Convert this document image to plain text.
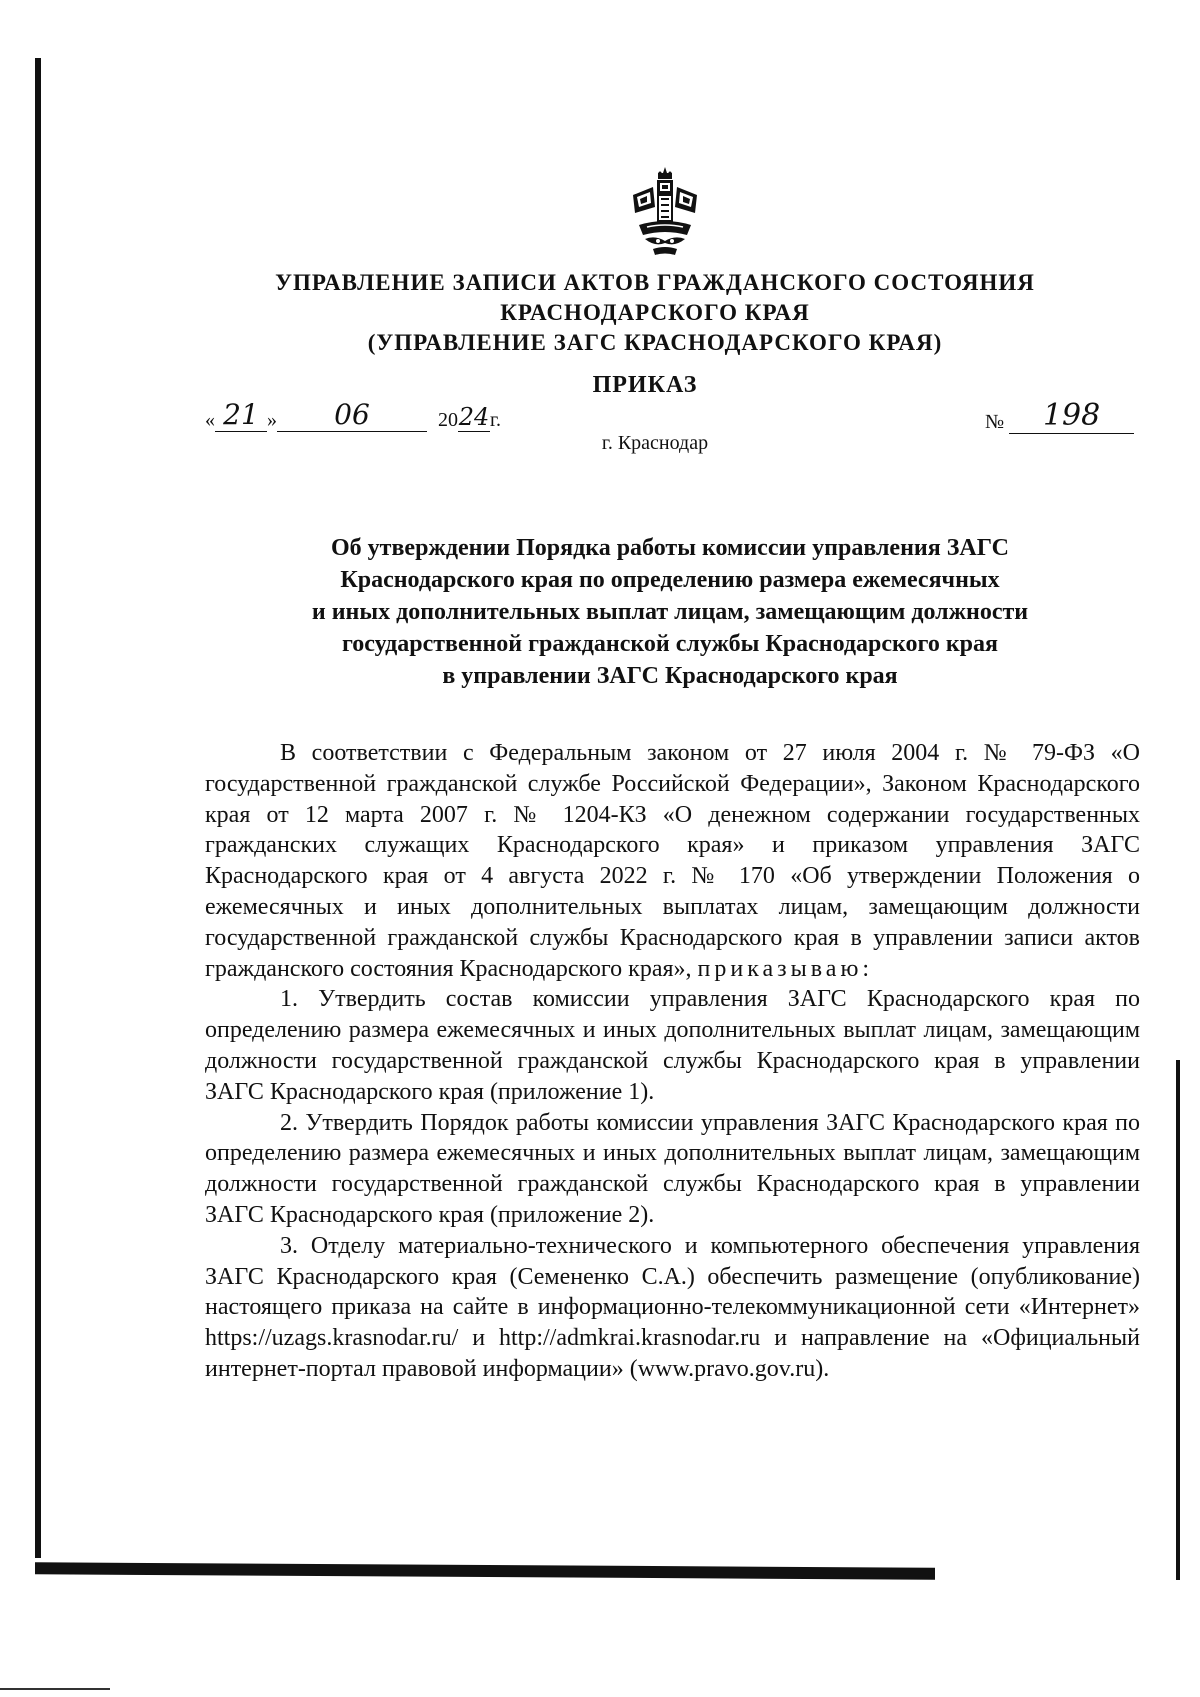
УПРАВЛЕНИЕ ЗАПИСИ АКТОВ ГРАЖДАНСКОГО СОСТОЯНИЯ
КРАСНОДАРСКОГО КРАЯ
(УПРАВЛЕНИЕ ЗАГС КРАСНОДАРСКОГО КРАЯ)
ПРИКАЗ
« 21 » 06	2024г.	№ 198
г. Краснодар
Об утверждении Порядка работы комиссии управления ЗАГС
Краснодарского края по определению размера ежемесячных
и иных дополнительных выплат лицам, замещающим должности
государственной гражданской службы Краснодарского края
в управлении ЗАГС Краснодарского края

В соответствии с Федеральным законом от 27 июля 2004 г. № 79-ФЗ «О государственной гражданской службе Российской Федерации», Законом Краснодарского края от 12 марта 2007 г. № 1204-КЗ «О денежном содержании государственных гражданских служащих Краснодарского края» и приказом управления ЗАГС Краснодарского края от 4 августа 2022 г. № 170 «Об утверждении Положения о ежемесячных и иных дополнительных выплатах лицам, замещающим должности государственной гражданской службы Краснодарского края в управлении записи актов гражданского состояния Краснодарского края», приказываю:

1. Утвердить состав комиссии управления ЗАГС Краснодарского края по определению размера ежемесячных и иных дополнительных выплат лицам, замещающим должности государственной гражданской службы Краснодарского края в управлении ЗАГС Краснодарского края (приложение 1).

2. Утвердить Порядок работы комиссии управления ЗАГС Краснодарского края по определению размера ежемесячных и иных дополнительных выплат лицам, замещающим должности государственной гражданской службы Краснодарского края в управлении ЗАГС Краснодарского края (приложение 2).

3. Отделу материально-технического и компьютерного обеспечения управления ЗАГС Краснодарского края (Семененко С.А.) обеспечить размещение (опубликование) настоящего приказа на сайте в информационно-телекоммуникационной сети «Интернет» https://uzags.krasnodar.ru/ и http://admkrai.krasnodar.ru и направление на «Официальный интернет-портал правовой информации» (www.pravo.gov.ru).
